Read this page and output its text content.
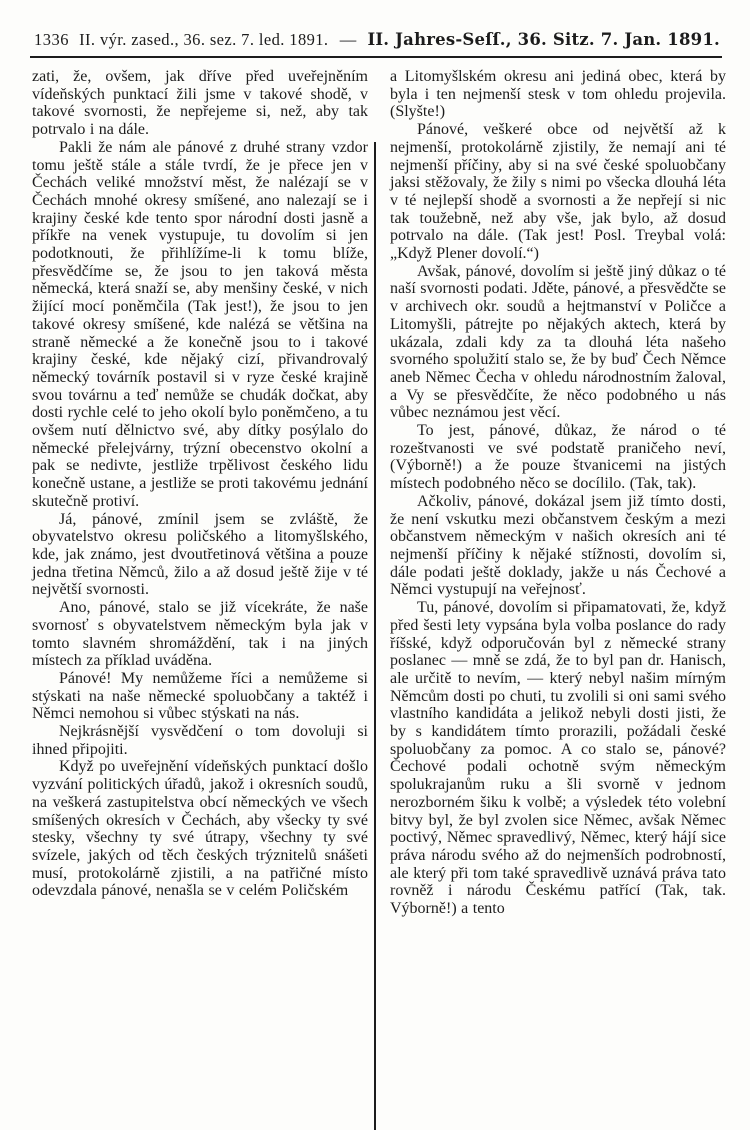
1336 II. výr. zased., 36. sez. 7. led. 1891. — II. Jahres-Seſſ., 36. Sitz. 7. Jan. 1891.

zati, že, ovšem, jak dříve před uveřejněním vídeňských punktací žili jsme v takové shodě, v takové svornosti, že nepřejeme si, než, aby tak potrvalo i na dále.

Pakli že nám ale pánové z druhé strany vzdor tomu ještě stále a stále tvrdí, že je přece jen v Čechách veliké množství měst, že nalézají se v Čechách mnohé okresy smíšené, ano nalezají se i krajiny české kde tento spor národní dosti jasně a příkře na venek vystupuje, tu dovolím si jen podotknouti, že přihlížíme-li k tomu blíže, přesvědčíme se, že jsou to jen taková města německá, která snaží se, aby menšiny české, v nich žijící mocí poněmčila (Tak jest!), že jsou to jen takové okresy smíšené, kde nalézá se většina na straně německé a že konečně jsou to i takové krajiny české, kde nějaký cizí, přivandrovalý německý továrník postavil si v ryze české krajině svou továrnu a teď nemůže se chudák dočkat, aby dosti rychle celé to jeho okolí bylo poněmčeno, a tu ovšem nutí dělnictvo své, aby dítky posýlalo do německé přelejvárny, trýzní obecenstvo okolní a pak se nedivte, jestliže trpělivost českého lidu konečně ustane, a jestliže se proti takovému jednání skutečně protiví.

Já, pánové, zmínil jsem se zvláště, že obyvatelstvo okresu poličského a litomyšlského, kde, jak známo, jest dvoutřetinová většina a pouze jedna třetina Němců, žilo a až dosud ještě žije v té největší svornosti.

Ano, pánové, stalo se již vícekráte, že naše svornosť s obyvatelstvem německým byla jak v tomto slavném shromáždění, tak i na jiných místech za příklad uváděna.

Pánové! My nemůžeme říci a nemůžeme si stýskati na naše německé spoluobčany a taktéž i Němci nemohou si vůbec stýskati na nás.

Nejkrásnější vysvědčení o tom dovoluji si ihned připojiti.

Když po uveřejnění vídeňských punktací došlo vyzvání politických úřadů, jakož i okresních soudů, na veškerá zastupitelstva obcí německých ve všech smíšených okresích v Čechách, aby všecky ty své stesky, všechny ty své útrapy, všechny ty své svízele, jakých od těch českých trýznitelů snášeti musí, protokolárně zjistili, a na patřičné místo odevzdala pánové, nenašla se v celém Poličském

a Litomyšlském okresu ani jediná obec, která by byla i ten nejmenší stesk v tom ohledu projevila. (Slyšte!)

Pánové, veškeré obce od největší až k nejmenší, protokolárně zjistily, že nemají ani té nejmenší příčiny, aby si na své české spoluobčany jaksi stěžovaly, že žily s nimi po všecka dlouhá léta v té nejlepší shodě a svornosti a že nepřejí si nic tak toužebně, než aby vše, jak bylo, až dosud potrvalo na dále. (Tak jest! Posl. Treybal volá: „Když Plener dovolí.“)

Avšak, pánové, dovolím si ještě jiný důkaz o té naší svornosti podati. Jděte, pánové, a přesvědčte se v archivech okr. soudů a hejtmanství v Poličce a Litomyšli, pátrejte po nějakých aktech, která by ukázala, zdali kdy za ta dlouhá léta našeho svorného spolužití stalo se, že by buď Čech Němce aneb Němec Čecha v ohledu národnostním žaloval, a Vy se přesvědčíte, že něco podobného u nás vůbec neznámou jest věcí.

To jest, pánové, důkaz, že národ o té rozeštvanosti ve své podstatě praničeho neví, (Výborně!) a že pouze štvanicemi na jistých místech podobného něco se docílilo. (Tak, tak).

Ačkoliv, pánové, dokázal jsem již tímto dosti, že není vskutku mezi občanstvem českým a mezi občanstvem německým v našich okresích ani té nejmenší příčiny k nějaké stížnosti, dovolím si, dále podati ještě doklady, jakže u nás Čechové a Němci vystupují na veřejnosť.

Tu, pánové, dovolím si připamatovati, že, když před šesti lety vypsána byla volba poslance do rady říšské, když odporučován byl z německé strany poslanec — mně se zdá, že to byl pan dr. Hanisch, ale určitě to nevím, — který nebyl našim mírným Němcům dosti po chuti, tu zvolili si oni sami svého vlastního kandidáta a jelikož nebyli dosti jisti, že by s kandidátem tímto prorazili, požádali české spoluobčany za pomoc. A co stalo se, pánové? Čechové podali ochotně svým německým spolukrajanům ruku a šli svorně v jednom nerozborném šiku k volbě; a výsledek této volební bitvy byl, že byl zvolen sice Němec, avšak Němec poctivý, Němec spravedlivý, Němec, který hájí sice práva národu svého až do nejmenších podrobností, ale který při tom také spravedlivě uznává práva tato rovněž i národu Českému patřící (Tak, tak. Výborně!) a tento
